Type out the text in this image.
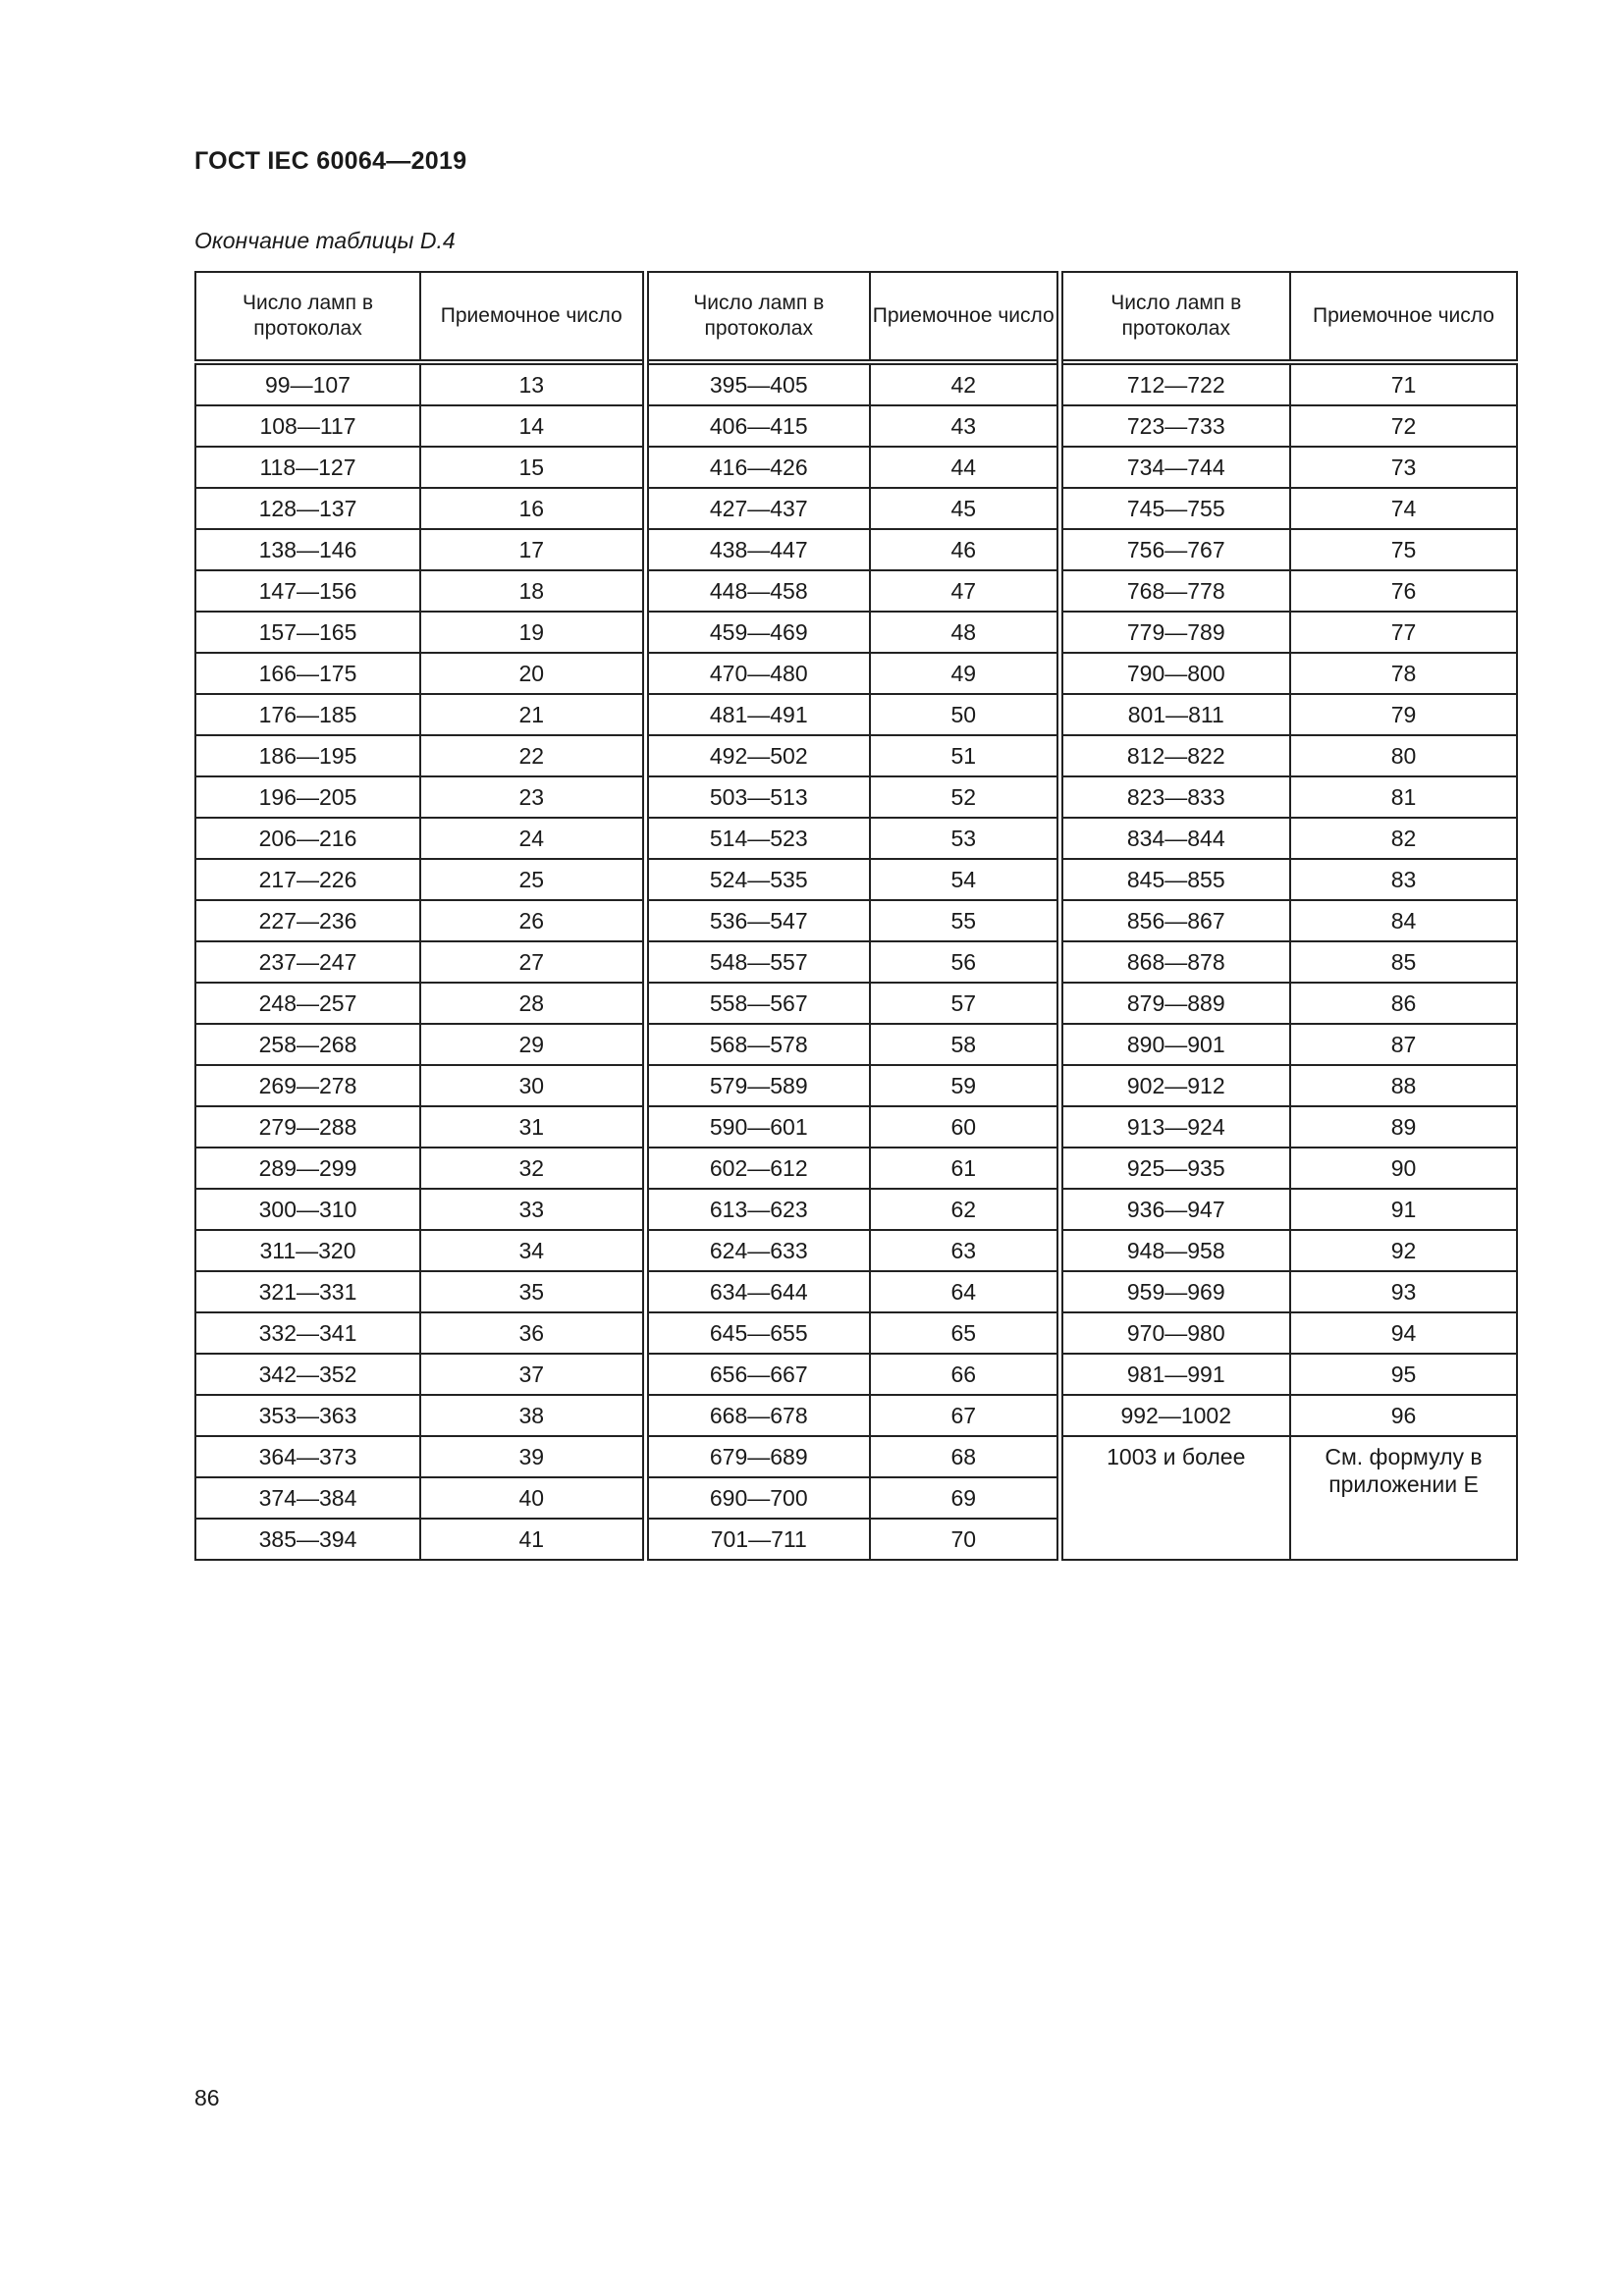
ГОСТ IEC 60064—2019
Окончание таблицы D.4
Число ламп в протоколах	Приемочное число	Число ламп в протоколах	Приемочное число	Число ламп в протоколах	Приемочное число
99—107	13	395—405	42	712—722	71
108—117	14	406—415	43	723—733	72
118—127	15	416—426	44	734—744	73
128—137	16	427—437	45	745—755	74
138—146	17	438—447	46	756—767	75
147—156	18	448—458	47	768—778	76
157—165	19	459—469	48	779—789	77
166—175	20	470—480	49	790—800	78
176—185	21	481—491	50	801—811	79
186—195	22	492—502	51	812—822	80
196—205	23	503—513	52	823—833	81
206—216	24	514—523	53	834—844	82
217—226	25	524—535	54	845—855	83
227—236	26	536—547	55	856—867	84
237—247	27	548—557	56	868—878	85
248—257	28	558—567	57	879—889	86
258—268	29	568—578	58	890—901	87
269—278	30	579—589	59	902—912	88
279—288	31	590—601	60	913—924	89
289—299	32	602—612	61	925—935	90
300—310	33	613—623	62	936—947	91
311—320	34	624—633	63	948—958	92
321—331	35	634—644	64	959—969	93
332—341	36	645—655	65	970—980	94
342—352	37	656—667	66	981—991	95
353—363	38	668—678	67	992—1002	96
364—373	39	679—689	68	1003 и более	См. формулу в приложении Е
374—384	40	690—700	69		
385—394	41	701—711	70		
86
